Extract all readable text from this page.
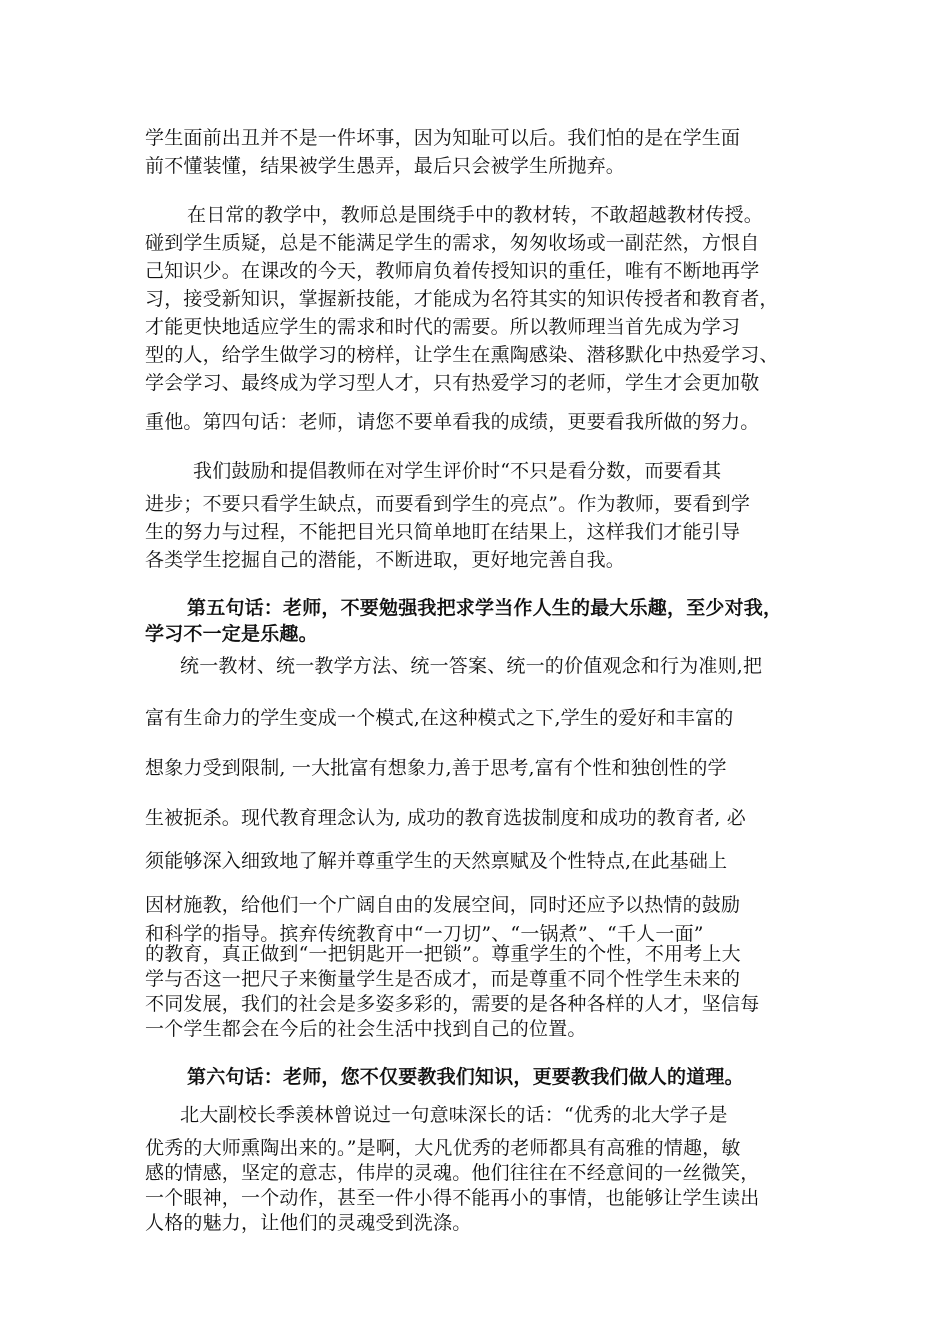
学生面前出丑并不是一件坏事，因为知耻可以后。我们怕的是在学生面
前不懂装懂，结果被学生愚弄，最后只会被学生所抛弃。
在日常的教学中，教师总是围绕手中的教材转，不敢超越教材传授。
碰到学生质疑，总是不能满足学生的需求，匆匆收场或一副茫然，方恨自
己知识少。在课改的今天，教师肩负着传授知识的重任，唯有不断地再学
习，接受新知识，掌握新技能，才能成为名符其实的知识传授者和教育者，
才能更快地适应学生的需求和时代的需要。所以教师理当首先成为学习
型的人，给学生做学习的榜样，让学生在熏陶感染、潜移默化中热爱学习、
学会学习、最终成为学习型人才，只有热爱学习的老师，学生才会更加敬
重他。第四句话：老师，请您不要单看我的成绩，更要看我所做的努力。
我们鼓励和提倡教师在对学生评价时“不只是看分数，而要看其
进步；不要只看学生缺点，而要看到学生的亮点”。作为教师，要看到学
生的努力与过程，不能把目光只简单地盯在结果上，这样我们才能引导
各类学生挖掘自己的潜能，不断进取，更好地完善自我。
第五句话：老师，不要勉强我把求学当作人生的最大乐趣，至少对我，
学习不一定是乐趣。
统一教材、统一教学方法、统一答案、统一的价值观念和行为准则,把
富有生命力的学生变成一个模式,在这种模式之下,学生的爱好和丰富的
想象力受到限制, 一大批富有想象力,善于思考,富有个性和独创性的学
生被扼杀。现代教育理念认为, 成功的教育选拔制度和成功的教育者, 必
须能够深入细致地了解并尊重学生的天然禀赋及个性特点,在此基础上
因材施教，给他们一个广阔自由的发展空间，同时还应予以热情的鼓励
和科学的指导。摈弃传统教育中“一刀切”、“一锅煮”、“千人一面”
的教育，真正做到“一把钥匙开一把锁”。尊重学生的个性，不用考上大
学与否这一把尺子来衡量学生是否成才，而是尊重不同个性学生未来的
不同发展，我们的社会是多姿多彩的，需要的是各种各样的人才，坚信每
一个学生都会在今后的社会生活中找到自己的位置。
第六句话：老师，您不仅要教我们知识，更要教我们做人的道理。
北大副校长季羡林曾说过一句意味深长的话：“优秀的北大学子是
优秀的大师熏陶出来的。”是啊，大凡优秀的老师都具有高雅的情趣，敏
感的情感，坚定的意志，伟岸的灵魂。他们往往在不经意间的一丝微笑，
一个眼神，一个动作，甚至一件小得不能再小的事情，也能够让学生读出
人格的魅力，让他们的灵魂受到洗涤。
